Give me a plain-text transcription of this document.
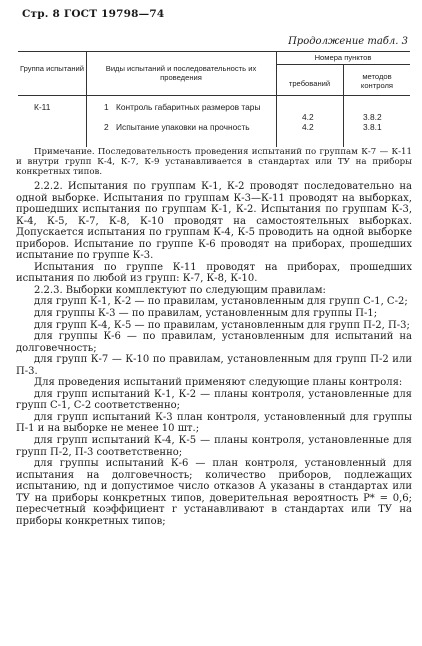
Стр. 8 ГОСТ 19798—74
Продолжение табл. 3
Группа испытаний	Виды испытаний и последовательность их проведения
Номера пунктов
требований
методов контроля
К-11	1 Контроль габаритных размеров тары
2 Испытание упаковки на прочность
4.2
4.2
3.8.2
3.8.1

Примечание. Последовательность проведения испытаний по группам К-7 — К-11 и внутри групп К-4, К-7, К-9 устанавливается в стандартах или ТУ на приборы конкретных типов.

2.2.2. Испытания по группам К-1, К-2 проводят последовательно на одной выборке. Испытания по группам К-3—К-11 проводят на выборках, прошедших испытания по группам К-1, К-2. Испытания по группам К-3, К-4, К-5, К-7, К-8, К-10 проводят на самостоятельных выборках. Допускается испытания по группам К-4, К-5 проводить на одной выборке приборов. Испытание по группе К-6 проводят на приборах, прошедших испытание по группе К-3.

Испытания по группе К-11 проводят на приборах, прошедших испытания по любой из групп: К-7, К-8, К-10.

2.2.3. Выборки комплектуют по следующим правилам:

для групп К-1, К-2 — по правилам, установленным для групп С-1, С-2;

для группы К-3 — по правилам, установленным для группы П-1;

для групп К-4, К-5 — по правилам, установленным для групп П-2, П-3;

для группы К-6 — по правилам, установленным для испытаний на долговечность;

для групп К-7 — К-10 по правилам, установленным для групп П-2 или П-3.

Для проведения испытаний применяют следующие планы контроля:

для групп испытаний К-1, К-2 — планы контроля, установленные для групп С-1, С-2 соответственно;

для групп испытаний К-3 план контроля, установленный для группы П-1 и на выборке не менее 10 шт.;

для групп испытаний К-4, К-5 — планы контроля, установленные для групп П-2, П-3 соответственно;

для группы испытаний К-6 — план контроля, установленный для испытания на долговечность; количество приборов, подлежащих испытанию, nд и допустимое число отказов A указаны в стандартах или ТУ на приборы конкретных типов, доверительная вероятность P* = 0,6; пересчетный коэффициент r устанавливают в стандартах или ТУ на приборы конкретных типов;
